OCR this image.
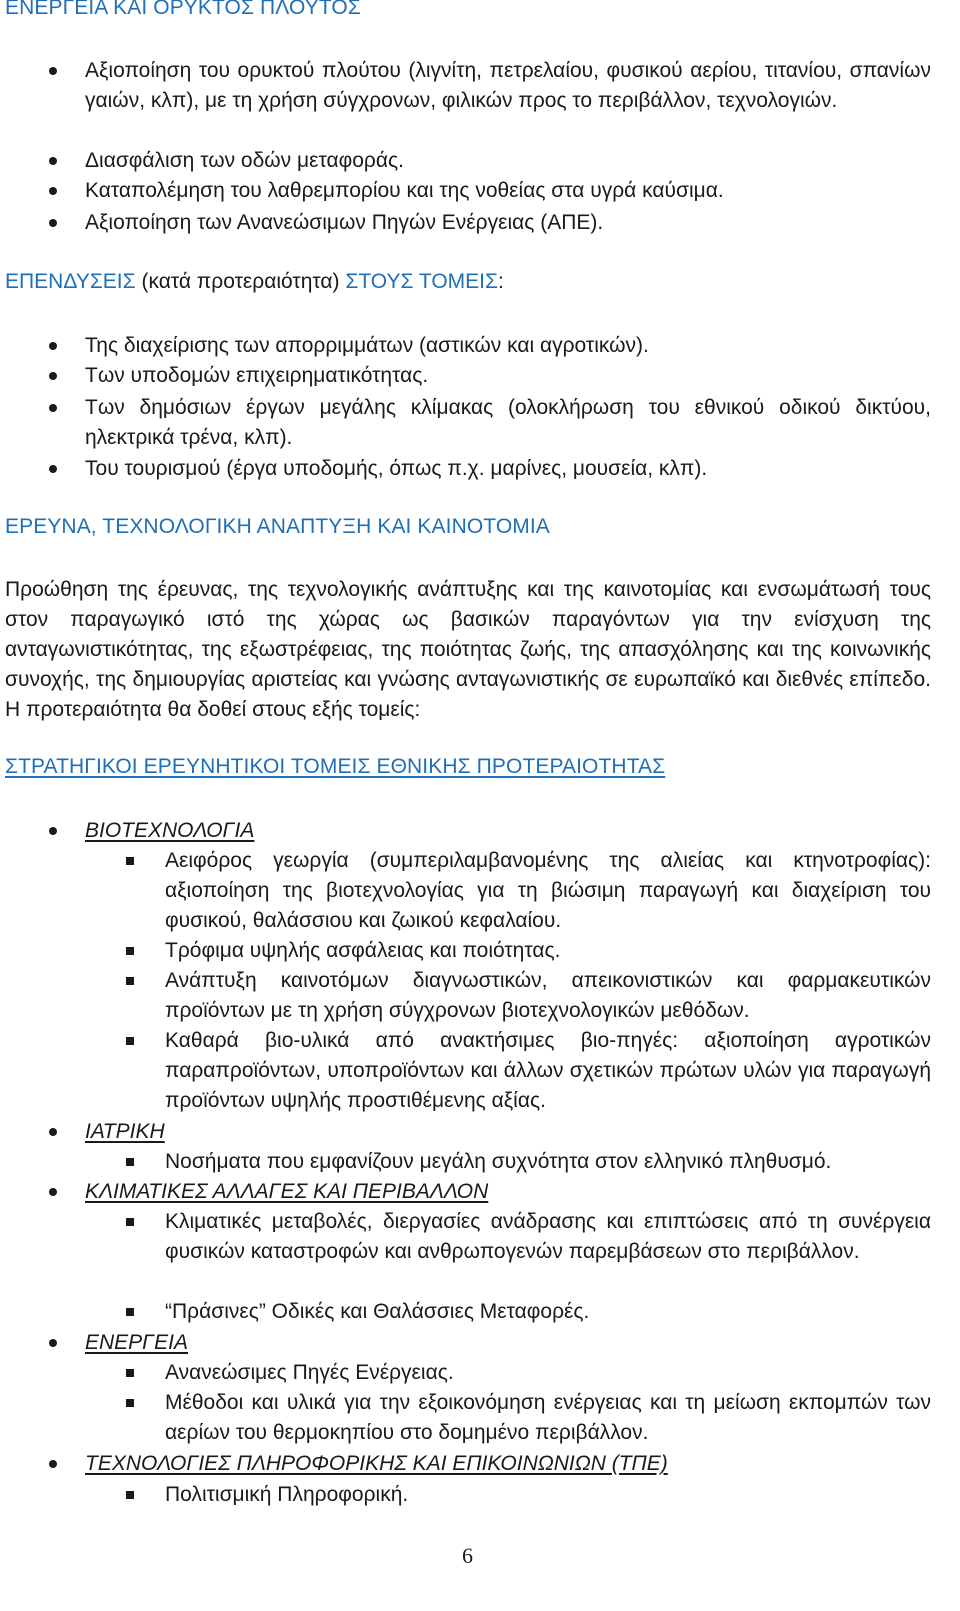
ΕΝΕΡΓΕΙΑ ΚΑΙ ΟΡΥΚΤΟΣ ΠΛΟΥΤΟΣ
Αξιοποίηση του ορυκτού πλούτου (λιγνίτη, πετρελαίου, φυσικού αερίου, τιτανίου, σπανίων γαιών, κλπ), με τη χρήση σύγχρονων, φιλικών προς το περιβάλλον, τεχνολογιών.
Διασφάλιση των οδών μεταφοράς.
Καταπολέμηση του λαθρεμπορίου και της νοθείας στα υγρά καύσιμα.
Αξιοποίηση των Ανανεώσιμων Πηγών Ενέργειας (ΑΠΕ).
ΕΠΕΝΔΥΣΕΙΣ (κατά προτεραιότητα) ΣΤΟΥΣ ΤΟΜΕΙΣ:
Της διαχείρισης των απορριμμάτων (αστικών και αγροτικών).
Των υποδομών επιχειρηματικότητας.
Των δημόσιων έργων μεγάλης κλίμακας (ολοκλήρωση του εθνικού οδικού δικτύου, ηλεκτρικά τρένα, κλπ).
Του τουρισμού (έργα υποδομής, όπως π.χ. μαρίνες, μουσεία, κλπ).
ΕΡΕΥΝΑ, ΤΕΧΝΟΛΟΓΙΚΗ ΑΝΑΠΤΥΞΗ ΚΑΙ ΚΑΙΝΟΤΟΜΙΑ
Προώθηση της έρευνας, της τεχνολογικής ανάπτυξης και της καινοτομίας και ενσωμάτωσή τους στον παραγωγικό ιστό της χώρας ως βασικών παραγόντων για την ενίσχυση της ανταγωνιστικότητας, της εξωστρέφειας, της ποιότητας ζωής, της απασχόλησης και της κοινωνικής συνοχής, της δημιουργίας αριστείας και γνώσης ανταγωνιστικής σε ευρωπαϊκό και διεθνές επίπεδο. Η προτεραιότητα θα δοθεί στους εξής τομείς:
ΣΤΡΑΤΗΓΙΚΟΙ ΕΡΕΥΝΗΤΙΚΟΙ ΤΟΜΕΙΣ ΕΘΝΙΚΗΣ ΠΡΟΤΕΡΑΙΟΤΗΤΑΣ
ΒΙΟΤΕΧΝΟΛΟΓΙΑ
Αειφόρος γεωργία (συμπεριλαμβανομένης της αλιείας και κτηνοτροφίας): αξιοποίηση της βιοτεχνολογίας για τη βιώσιμη παραγωγή και διαχείριση του φυσικού, θαλάσσιου και ζωικού κεφαλαίου.
Τρόφιμα υψηλής ασφάλειας και ποιότητας.
Ανάπτυξη καινοτόμων διαγνωστικών, απεικονιστικών και φαρμακευτικών προϊόντων με τη χρήση σύγχρονων βιοτεχνολογικών μεθόδων.
Καθαρά βιο-υλικά από ανακτήσιμες βιο-πηγές: αξιοποίηση αγροτικών παραπροϊόντων, υποπροϊόντων και άλλων σχετικών πρώτων υλών για παραγωγή προϊόντων υψηλής προστιθέμενης αξίας.
ΙΑΤΡΙΚΗ
Νοσήματα που εμφανίζουν μεγάλη συχνότητα στον ελληνικό πληθυσμό.
ΚΛΙΜΑΤΙΚΕΣ ΑΛΛΑΓΕΣ ΚΑΙ ΠΕΡΙΒΑΛΛΟΝ
Κλιματικές μεταβολές, διεργασίες ανάδρασης και επιπτώσεις από τη συνέργεια φυσικών καταστροφών και ανθρωπογενών παρεμβάσεων στο περιβάλλον.
“Πράσινες” Οδικές και Θαλάσσιες Μεταφορές.
ΕΝΕΡΓΕΙΑ
Ανανεώσιμες Πηγές Ενέργειας.
Μέθοδοι και υλικά για την εξοικονόμηση ενέργειας και τη μείωση εκπομπών των αερίων του θερμοκηπίου στο δομημένο περιβάλλον.
ΤΕΧΝΟΛΟΓΙΕΣ ΠΛΗΡΟΦΟΡΙΚΗΣ ΚΑΙ ΕΠΙΚΟΙΝΩΝΙΩΝ (ΤΠΕ)
Πολιτισμική Πληροφορική.
6
